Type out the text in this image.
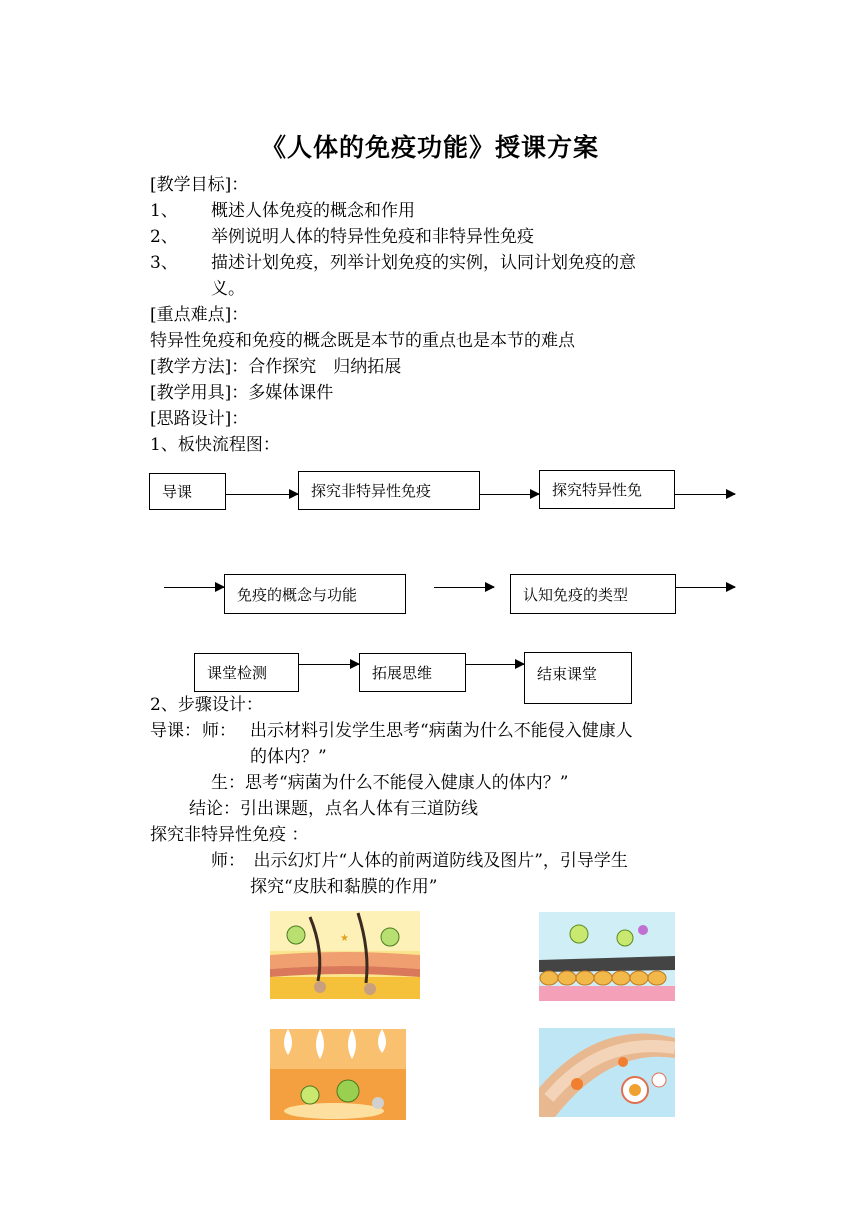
《人体的免疫功能》授课方案
[教学目标]：
1、 概述人体免疫的概念和作用
2、 举例说明人体的特异性免疫和非特异性免疫
3、 描述计划免疫，列举计划免疫的实例，认同计划免疫的意
义。
[重点难点]：
特异性免疫和免疫的概念既是本节的重点也是本节的难点
[教学方法]：合作探究　归纳拓展
[教学用具]：多媒体课件
[思路设计]：
1、板快流程图：
导课	探究非特异性免疫	探究特异性免
免疫的概念与功能	认知免疫的类型
课堂检测	拓展思维	结束课堂
2、步骤设计：
导课： 师： 出示材料引发学生思考“病菌为什么不能侵入健康人
的体内？”
生：思考“病菌为什么不能侵入健康人的体内？”
结论：引出课题，点名人体有三道防线
探究非特异性免疫 ：
师：　出示幻灯片“人体的前两道防线及图片”，引导学生
探究“皮肤和黏膜的作用”
★
